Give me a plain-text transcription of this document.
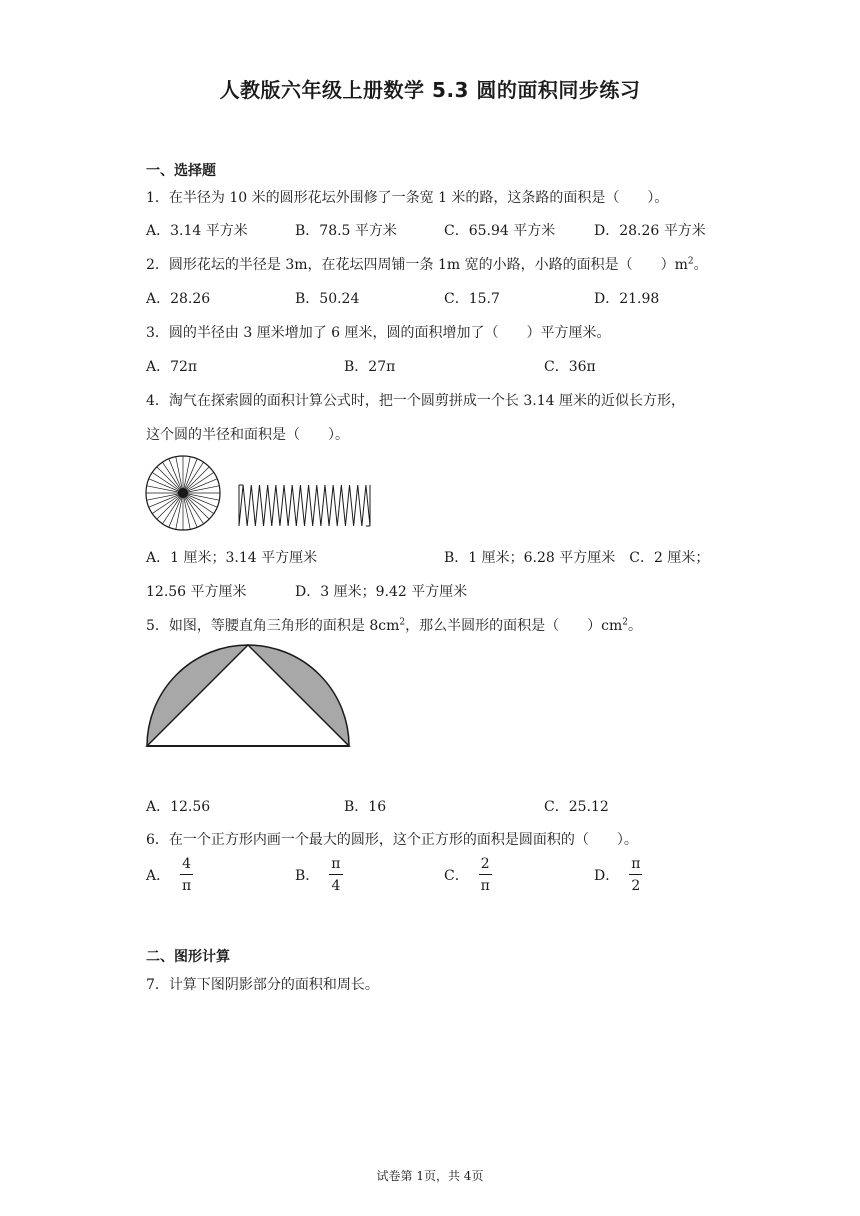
人教版六年级上册数学 5.3 圆的面积同步练习
一、选择题
1．在半径为 10 米的圆形花坛外围修了一条宽 1 米的路，这条路的面积是（　　）。
A．3.14 平方米	B．78.5 平方米	C．65.94 平方米	D．28.26 平方米
2．圆形花坛的半径是 3m，在花坛四周铺一条 1m 宽的小路，小路的面积是（　　）$m^2$。
A．28.26	B．50.24	C．15.7	D．21.98
3．圆的半径由 3 厘米增加了 6 厘米，圆的面积增加了（　　）平方厘米。
A．72π	B．27π	C．36π
4．淘气在探索圆的面积计算公式时，把一个圆剪拼成一个长 3.14 厘米的近似长方形，
这个圆的半径和面积是（　　）。
A．1 厘米；3.14 平方厘米	B．1 厘米；6.28 平方厘米　C．2 厘米；
12.56 平方厘米	D．3 厘米；9.42 平方厘米
5．如图，等腰直角三角形的面积是 $8cm^2$，那么半圆形的面积是（　　）$cm^2$。
A．12.56	B．16	C．25.12
6．在一个正方形内画一个最大的圆形，这个正方形的面积是圆面积的（　　）。
A． $\frac{4}{\pi}$	B． $\frac{\pi}{4}$	C． $\frac{2}{\pi}$	D． $\frac{\pi}{2}$
二、图形计算
7．计算下图阴影部分的面积和周长。
试卷第 1页，共 4页
